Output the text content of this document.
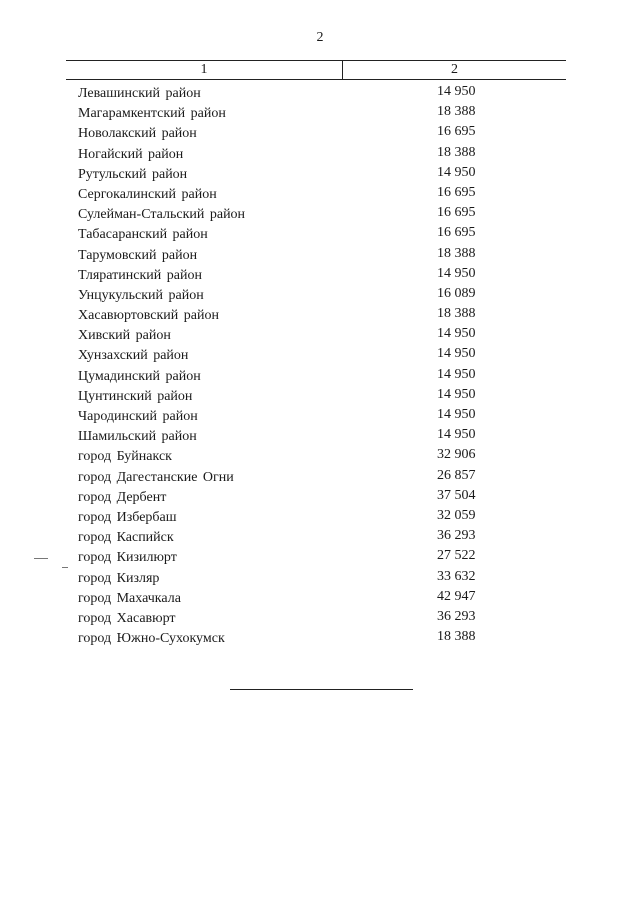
2
1	2
Левашинский район	14 950
Магарамкентский район	18 388
Новолакский район	16 695
Ногайский район	18 388
Рутульский район	14 950
Сергокалинский район	16 695
Сулейман-Стальский район	16 695
Табасаранский район	16 695
Тарумовский район	18 388
Тляратинский район	14 950
Унцукульский район	16 089
Хасавюртовский район	18 388
Хивский район	14 950
Хунзахский район	14 950
Цумадинский район	14 950
Цунтинский район	14 950
Чародинский район	14 950
Шамильский район	14 950
город Буйнакск	32 906
город Дагестанские Огни	26 857
город Дербент	37 504
город Избербаш	32 059
город Каспийск	36 293
город Кизилюрт	27 522
город Кизляр	33 632
город Махачкала	42 947
город Хасавюрт	36 293
город Южно-Сухокумск	18 388
